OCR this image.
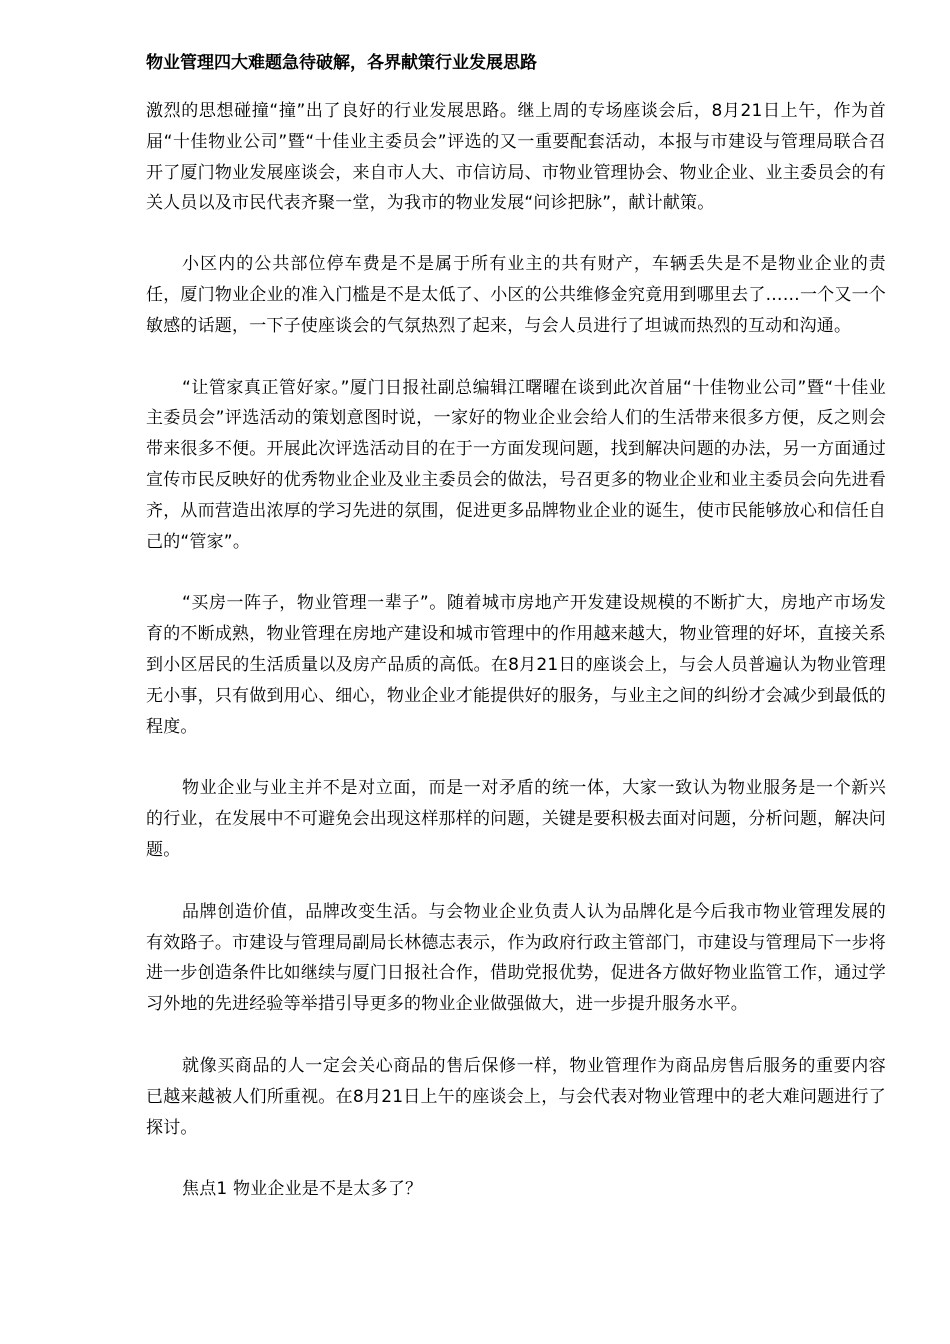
物业管理四大难题急待破解，各界献策行业发展思路

激烈的思想碰撞“撞”出了良好的行业发展思路。继上周的专场座谈会后，8月21日上午，作为首届“十佳物业公司”暨“十佳业主委员会”评选的又一重要配套活动，本报与市建设与管理局联合召开了厦门物业发展座谈会，来自市人大、市信访局、市物业管理协会、物业企业、业主委员会的有关人员以及市民代表齐聚一堂，为我市的物业发展“问诊把脉”，献计献策。

小区内的公共部位停车费是不是属于所有业主的共有财产，车辆丢失是不是物业企业的责任，厦门物业企业的准入门槛是不是太低了、小区的公共维修金究竟用到哪里去了……一个又一个敏感的话题，一下子使座谈会的气氛热烈了起来，与会人员进行了坦诚而热烈的互动和沟通。

“让管家真正管好家。”厦门日报社副总编辑江曙曜在谈到此次首届“十佳物业公司”暨“十佳业主委员会”评选活动的策划意图时说，一家好的物业企业会给人们的生活带来很多方便，反之则会带来很多不便。开展此次评选活动目的在于一方面发现问题，找到解决问题的办法，另一方面通过宣传市民反映好的优秀物业企业及业主委员会的做法，号召更多的物业企业和业主委员会向先进看齐，从而营造出浓厚的学习先进的氛围，促进更多品牌物业企业的诞生，使市民能够放心和信任自己的“管家”。

“买房一阵子，物业管理一辈子”。随着城市房地产开发建设规模的不断扩大，房地产市场发育的不断成熟，物业管理在房地产建设和城市管理中的作用越来越大，物业管理的好坏，直接关系到小区居民的生活质量以及房产品质的高低。在8月21日的座谈会上，与会人员普遍认为物业管理无小事，只有做到用心、细心，物业企业才能提供好的服务，与业主之间的纠纷才会减少到最低的程度。

物业企业与业主并不是对立面，而是一对矛盾的统一体，大家一致认为物业服务是一个新兴的行业，在发展中不可避免会出现这样那样的问题，关键是要积极去面对问题，分析问题，解决问题。

品牌创造价值，品牌改变生活。与会物业企业负责人认为品牌化是今后我市物业管理发展的有效路子。市建设与管理局副局长林德志表示，作为政府行政主管部门，市建设与管理局下一步将进一步创造条件比如继续与厦门日报社合作，借助党报优势，促进各方做好物业监管工作，通过学习外地的先进经验等举措引导更多的物业企业做强做大，进一步提升服务水平。

就像买商品的人一定会关心商品的售后保修一样，物业管理作为商品房售后服务的重要内容已越来越被人们所重视。在8月21日上午的座谈会上，与会代表对物业管理中的老大难问题进行了探讨。

焦点1 物业企业是不是太多了？
